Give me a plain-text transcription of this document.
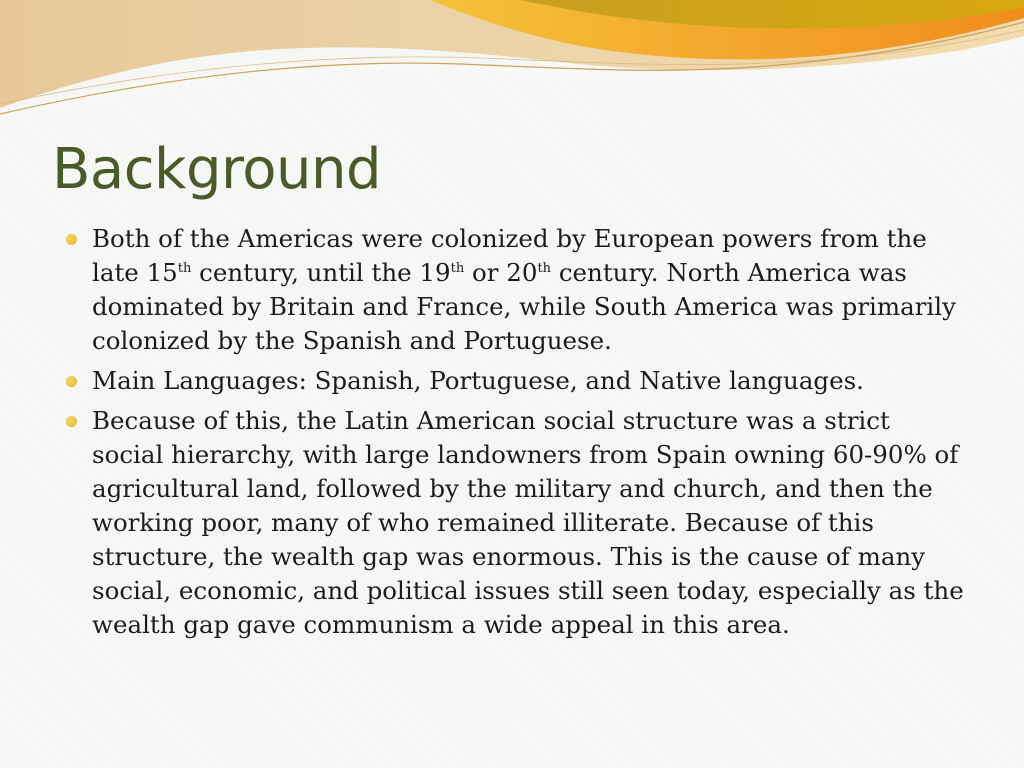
Background
Both of the Americas were colonized by European powers from the late 15th century, until the 19th or 20th century. North America was dominated by Britain and France, while South America was primarily colonized by the Spanish and Portuguese.
Main Languages: Spanish, Portuguese, and Native languages.
Because of this, the Latin American social structure was a strict social hierarchy, with large landowners from Spain owning 60-90% of agricultural land, followed by the military and church, and then the working poor, many of who remained illiterate. Because of this structure, the wealth gap was enormous. This is the cause of many social, economic, and political issues still seen today, especially as the wealth gap gave communism a wide appeal in this area.
